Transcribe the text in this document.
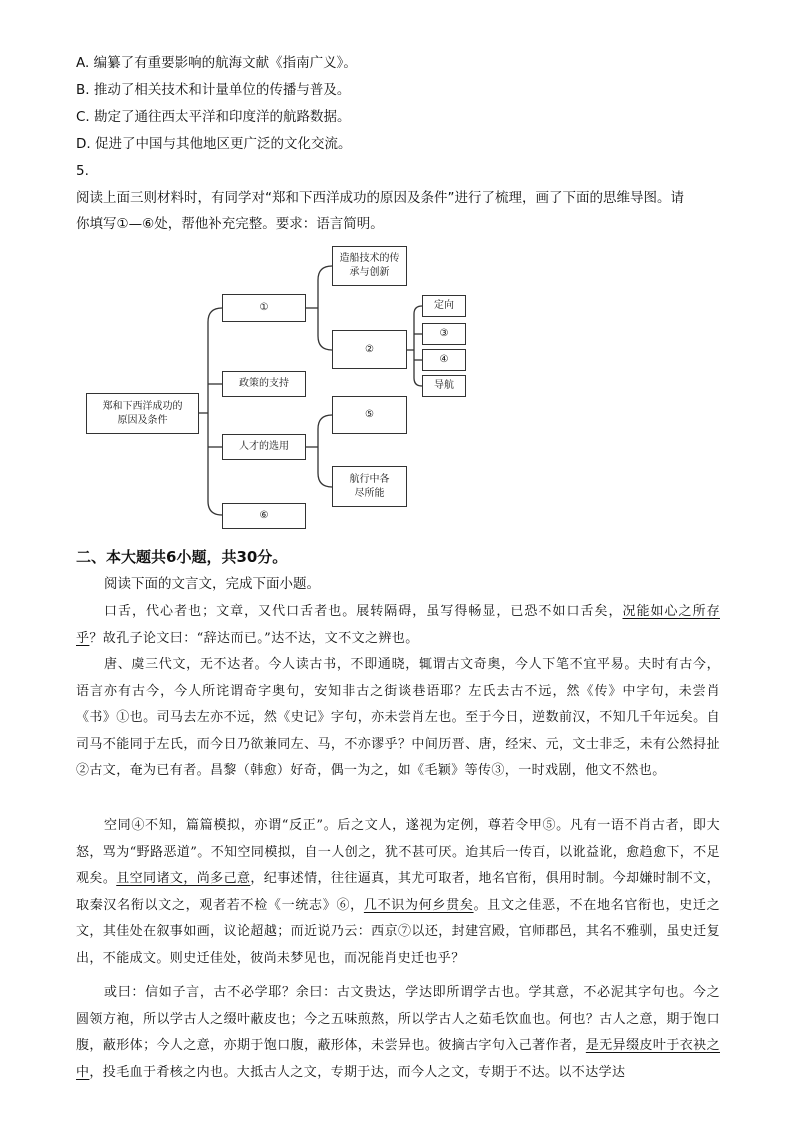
A. 编纂了有重要影响的航海文献《指南广义》。
B. 推动了相关技术和计量单位的传播与普及。
C. 勘定了通往西太平洋和印度洋的航路数据。
D. 促进了中国与其他地区更广泛的文化交流。
5.
阅读上面三则材料时，有同学对“郑和下西洋成功的原因及条件”进行了梳理，画了下面的思维导图。请
你填写①—⑥处，帮他补充完整。要求：语言简明。
郑和下西洋成功的原因及条件
①
政策的支持
人才的选用
⑥
造船技术的传承与创新
②
⑤
航行中各尽所能
定向
③
④
导航
二、本大题共6小题，共30分。
阅读下面的文言文，完成下面小题。
口舌，代心者也；文章，又代口舌者也。展转隔碍，虽写得畅显，已恐不如口舌矣，况能如心之所存乎？故孔子论文曰：“辞达而已。”达不达，文不文之辨也。
唐、虞三代文，无不达者。今人读古书，不即通晓，辄谓古文奇奥，今人下笔不宜平易。夫时有古今，语言亦有古今，今人所诧谓奇字奥句，安知非古之街谈巷语耶？左氏去古不远，然《传》中字句，未尝肖《书》①也。司马去左亦不远，然《史记》字句，亦未尝肖左也。至于今日，逆数前汉，不知几千年远矣。自司马不能同于左氏，而今日乃欲兼同左、马，不亦谬乎？中间历晋、唐，经宋、元，文士非乏，未有公然挦扯②古文，奄为已有者。昌黎（韩愈）好奇，偶一为之，如《毛颖》等传③，一时戏剧，他文不然也。
空同④不知，篇篇模拟，亦谓“反正”。后之文人，遂视为定例，尊若令甲⑤。凡有一语不肖古者，即大怒，骂为“野路恶道”。不知空同模拟，自一人创之，犹不甚可厌。迨其后一传百，以讹益讹，愈趋愈下，不足观矣。且空同诸文，尚多己意，纪事述情，往往逼真，其尤可取者，地名官衔，俱用时制。今却嫌时制不文，取秦汉名衔以文之，观者若不检《一统志》⑥，几不识为何乡贯矣。且文之佳恶，不在地名官衔也，史迁之文，其佳处在叙事如画，议论超越；而近说乃云：西京⑦以还，封建宫殿，官师郡邑，其名不雅驯，虽史迁复出，不能成文。则史迁佳处，彼尚未梦见也，而况能肖史迁也乎？
或曰：信如子言，古不必学耶？余曰：古文贵达，学达即所谓学古也。学其意，不必泥其字句也。今之圆领方袍，所以学古人之缀叶蔽皮也；今之五味煎熬，所以学古人之茹毛饮血也。何也？古人之意，期于饱口腹，蔽形体；今人之意，亦期于饱口腹，蔽形体，未尝异也。彼摘古字句入己著作者，是无异缀皮叶于衣袂之中，投毛血于肴核之内也。大抵古人之文，专期于达，而今人之文，专期于不达。以不达学达
